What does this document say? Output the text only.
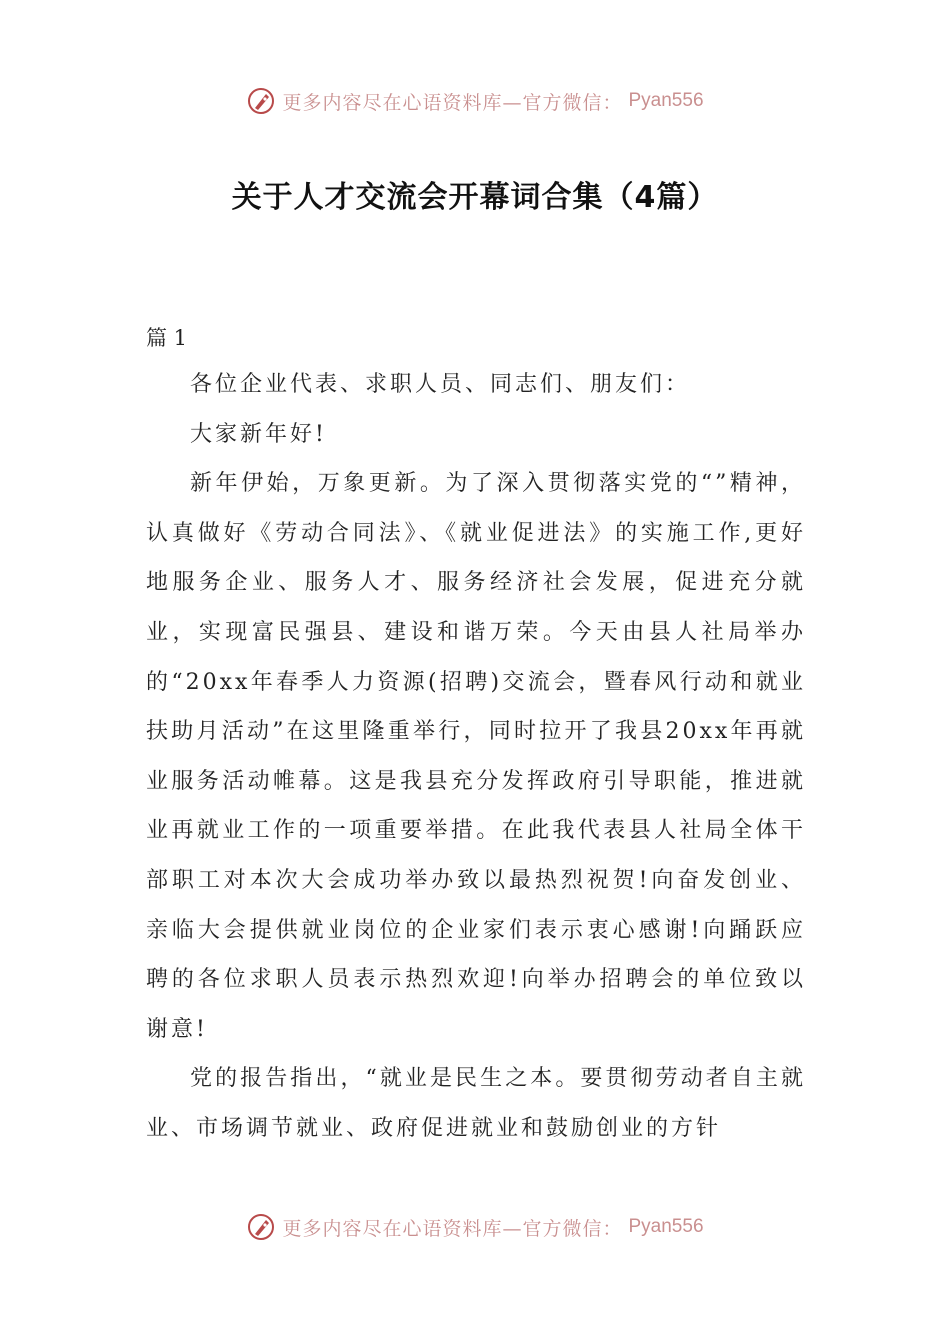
更多内容尽在心语资料库—官方微信： Pyan556
关于人才交流会开幕词合集（4篇）
篇 1

各位企业代表、求职人员、同志们、朋友们：

大家新年好!

新年伊始，万象更新。为了深入贯彻落实党的“”精神，认真做好《劳动合同法》、《就业促进法》的实施工作,更好地服务企业、服务人才、服务经济社会发展，促进充分就业，实现富民强县、建设和谐万荣。今天由县人社局举办的“20xx年春季人力资源(招聘)交流会，暨春风行动和就业扶助月活动”在这里隆重举行，同时拉开了我县20xx年再就业服务活动帷幕。这是我县充分发挥政府引导职能，推进就业再就业工作的一项重要举措。在此我代表县人社局全体干部职工对本次大会成功举办致以最热烈祝贺!向奋发创业、亲临大会提供就业岗位的企业家们表示衷心感谢!向踊跃应聘的各位求职人员表示热烈欢迎!向举办招聘会的单位致以谢意!

党的报告指出，“就业是民生之本。要贯彻劳动者自主就业、市场调节就业、政府促进就业和鼓励创业的方针

更多内容尽在心语资料库—官方微信： Pyan556
